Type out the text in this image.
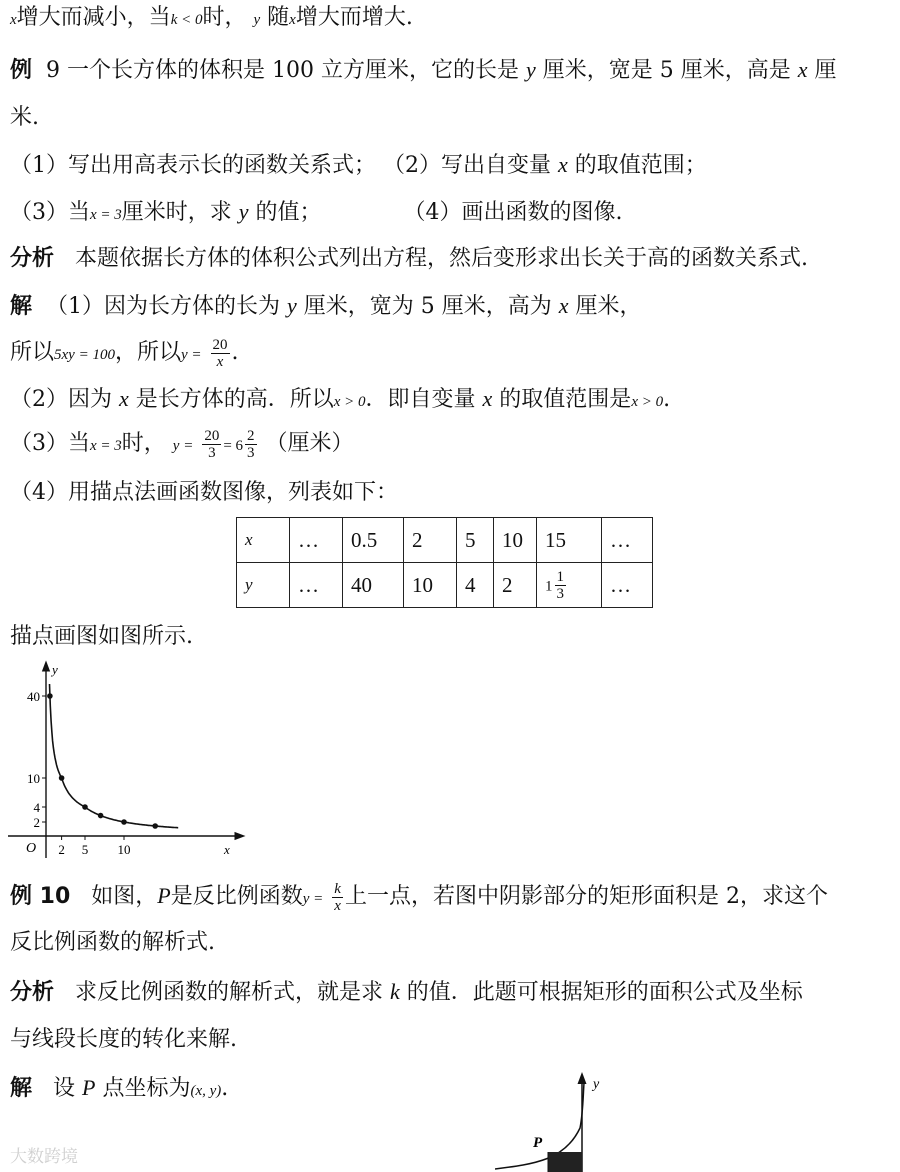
x增大而减小，当k < 0时， y 随x增大而增大.
例 9 一个长方体的体积是 100 立方厘米，它的长是 y 厘米，宽是 5 厘米，高是 x 厘
米.
（1）写出用高表示长的函数关系式； （2）写出自变量 x 的取值范围；
（3）当x = 3厘米时，求 y 的值；	（4）画出函数的图像.
分析 本题依据长方体的体积公式列出方程，然后变形求出长关于高的函数关系式.
解 （1）因为长方体的长为 y 厘米，宽为 5 厘米，高为 x 厘米，
所以5xy = 100，所以$y = \frac{20}{x}$ .
（2）因为 x 是长方体的高．所以x > 0．即自变量 x 的取值范围是x > 0.
（3）当x = 3时， $y = \frac{20}{3} = 6 \frac{2}{3}$ （厘米）
（4）用描点法画函数图像，列表如下：
x	…	0.5	2	5	10	15	…
y	…	40	10	4	2	$1 \frac{1}{3}$	…
描点画图如图所示.
x
y
O
40
10
4
2
2 5 10
例 10 如图，P是反比例函数$y = \frac{k}{x}$ 上一点，若图中阴影部分的矩形面积是 2，求这个
反比例函数的解析式.
分析 求反比例函数的解析式，就是求 k 的值．此题可根据矩形的面积公式及坐标
与线段长度的转化来解.
解 设 P 点坐标为(x, y).
P
y
大数跨境
